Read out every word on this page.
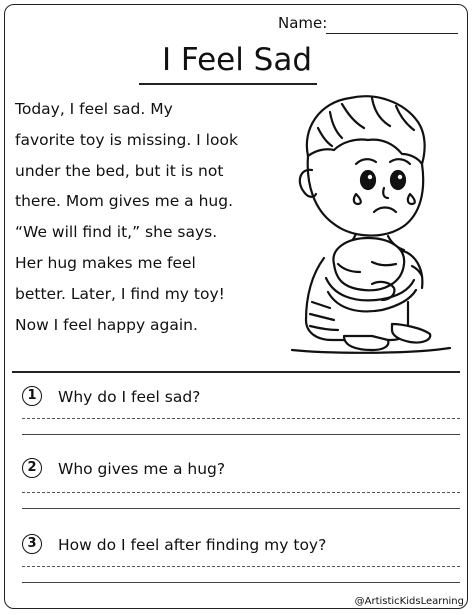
Name:
I Feel Sad
Today, I feel sad. My
favorite toy is missing. I look
under the bed, but it is not
there. Mom gives me a hug.
“We will find it,” she says.
Her hug makes me feel
better. Later, I find my toy!
Now I feel happy again.
1	Why do I feel sad?
2	Who gives me a hug?
3	How do I feel after finding my toy?
@ArtisticKidsLearning
